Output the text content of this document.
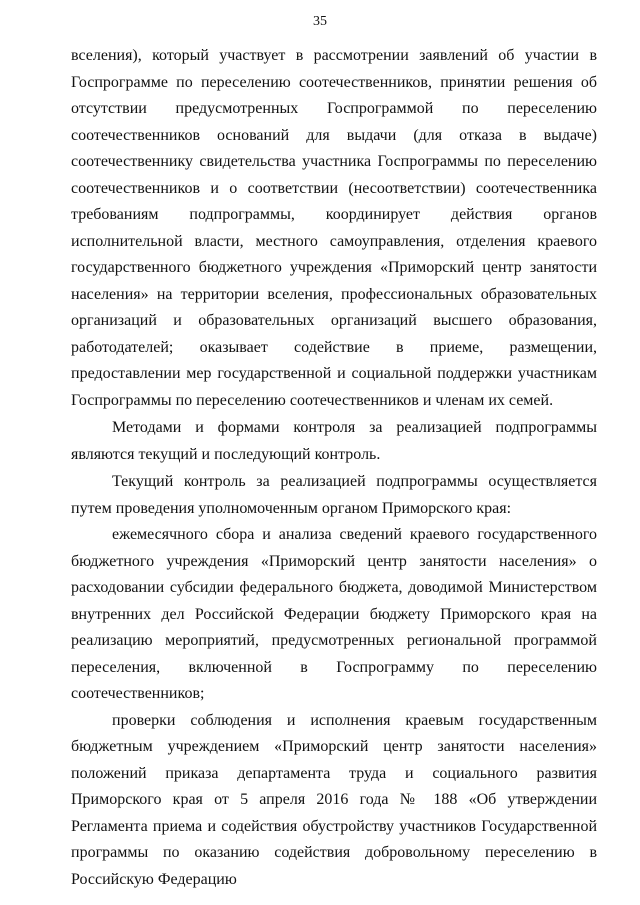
35

вселения), который участвует в рассмотрении заявлений об участии в Госпрограмме по переселению соотечественников, принятии решения об отсутствии предусмотренных Госпрограммой по переселению соотечественников оснований для выдачи (для отказа в выдаче) соотечественнику свидетельства участника Госпрограммы по переселению соотечественников и о соответствии (несоответствии) соотечественника требованиям подпрограммы, координирует действия органов исполнительной власти, местного самоуправления, отделения краевого государственного бюджетного учреждения «Приморский центр занятости населения» на территории вселения, профессиональных образовательных организаций и образовательных организаций высшего образования, работодателей; оказывает содействие в приеме, размещении, предоставлении мер государственной и социальной поддержки участникам Госпрограммы по переселению соотечественников и членам их семей.

Методами и формами контроля за реализацией подпрограммы являются текущий и последующий контроль.

Текущий контроль за реализацией подпрограммы осуществляется путем проведения уполномоченным органом Приморского края:

ежемесячного сбора и анализа сведений краевого государственного бюджетного учреждения «Приморский центр занятости населения» о расходовании субсидии федерального бюджета, доводимой Министерством внутренних дел Российской Федерации бюджету Приморского края на реализацию мероприятий, предусмотренных региональной программой переселения, включенной в Госпрограмму по переселению соотечественников;

проверки соблюдения и исполнения краевым государственным бюджетным учреждением «Приморский центр занятости населения» положений приказа департамента труда и социального развития Приморского края от 5 апреля 2016 года № 188 «Об утверждении Регламента приема и содействия обустройству участников Государственной программы по оказанию содействия добровольному переселению в Российскую Федерацию
